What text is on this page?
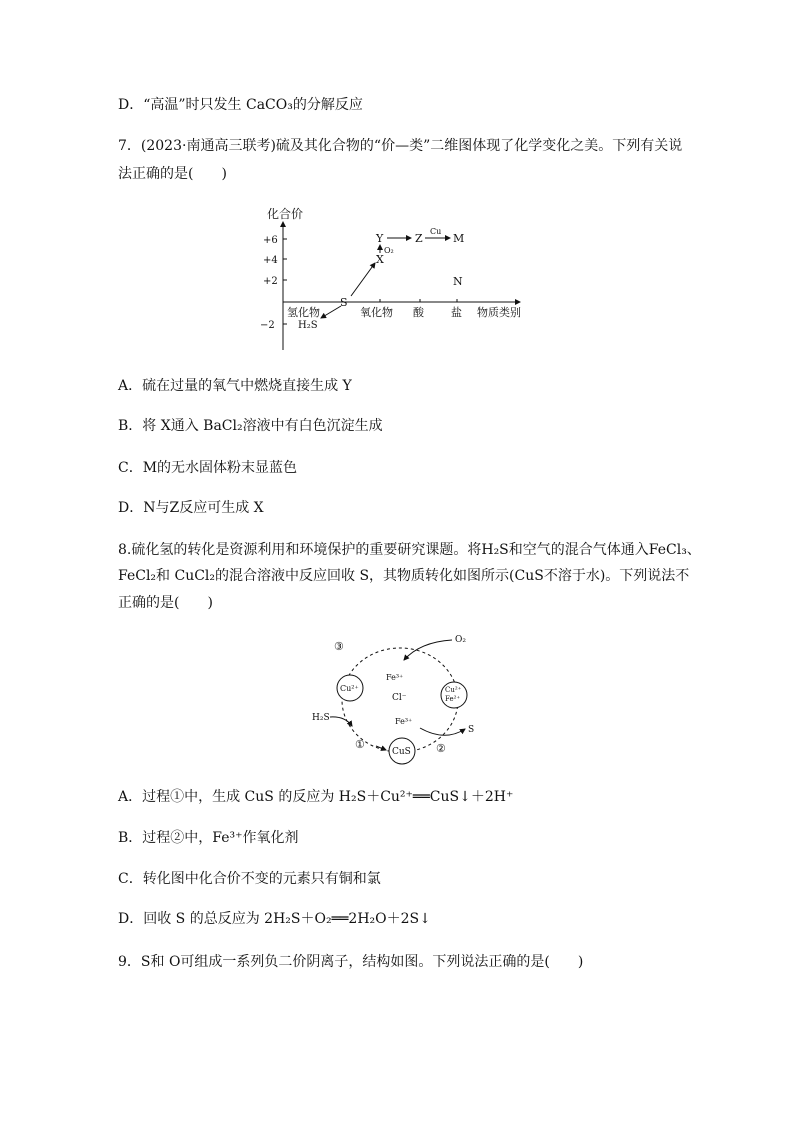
D．“高温”时只发生 CaCO₃的分解反应
7．(2023·南通高三联考)硫及其化合物的“价—类”二维图体现了化学变化之美。下列有关说
法正确的是(　　)
化合价
+6
+4
+2
−2
氢化物	氧化物 酸 盐 物质类别
S
H₂S
X
Y	Z	M
N
O₂
Cu
A．硫在过量的氧气中燃烧直接生成 Y
B．将 X通入 BaCl₂溶液中有白色沉淀生成
C．M的无水固体粉末显蓝色
D．N与Z反应可生成 X
8.硫化氢的转化是资源利用和环境保护的重要研究课题。将H₂S和空气的混合气体通入FeCl₃、
FeCl₂和 CuCl₂的混合溶液中反应回收 S，其物质转化如图所示(CuS不溶于水)。下列说法不
正确的是(　　)
Cu²⁺
CuS
Cu²⁺
Fe²⁺
③
①	②
O₂
Fe³⁺
Cl⁻
Fe³⁺
H₂S
S
A．过程①中，生成 CuS 的反应为 H₂S＋Cu²⁺══CuS↓＋2H⁺
B．过程②中，Fe³⁺作氧化剂
C．转化图中化合价不变的元素只有铜和氯
D．回收 S 的总反应为 2H₂S＋O₂══2H₂O＋2S↓
9．S和 O可组成一系列负二价阴离子，结构如图。下列说法正确的是(　　)
